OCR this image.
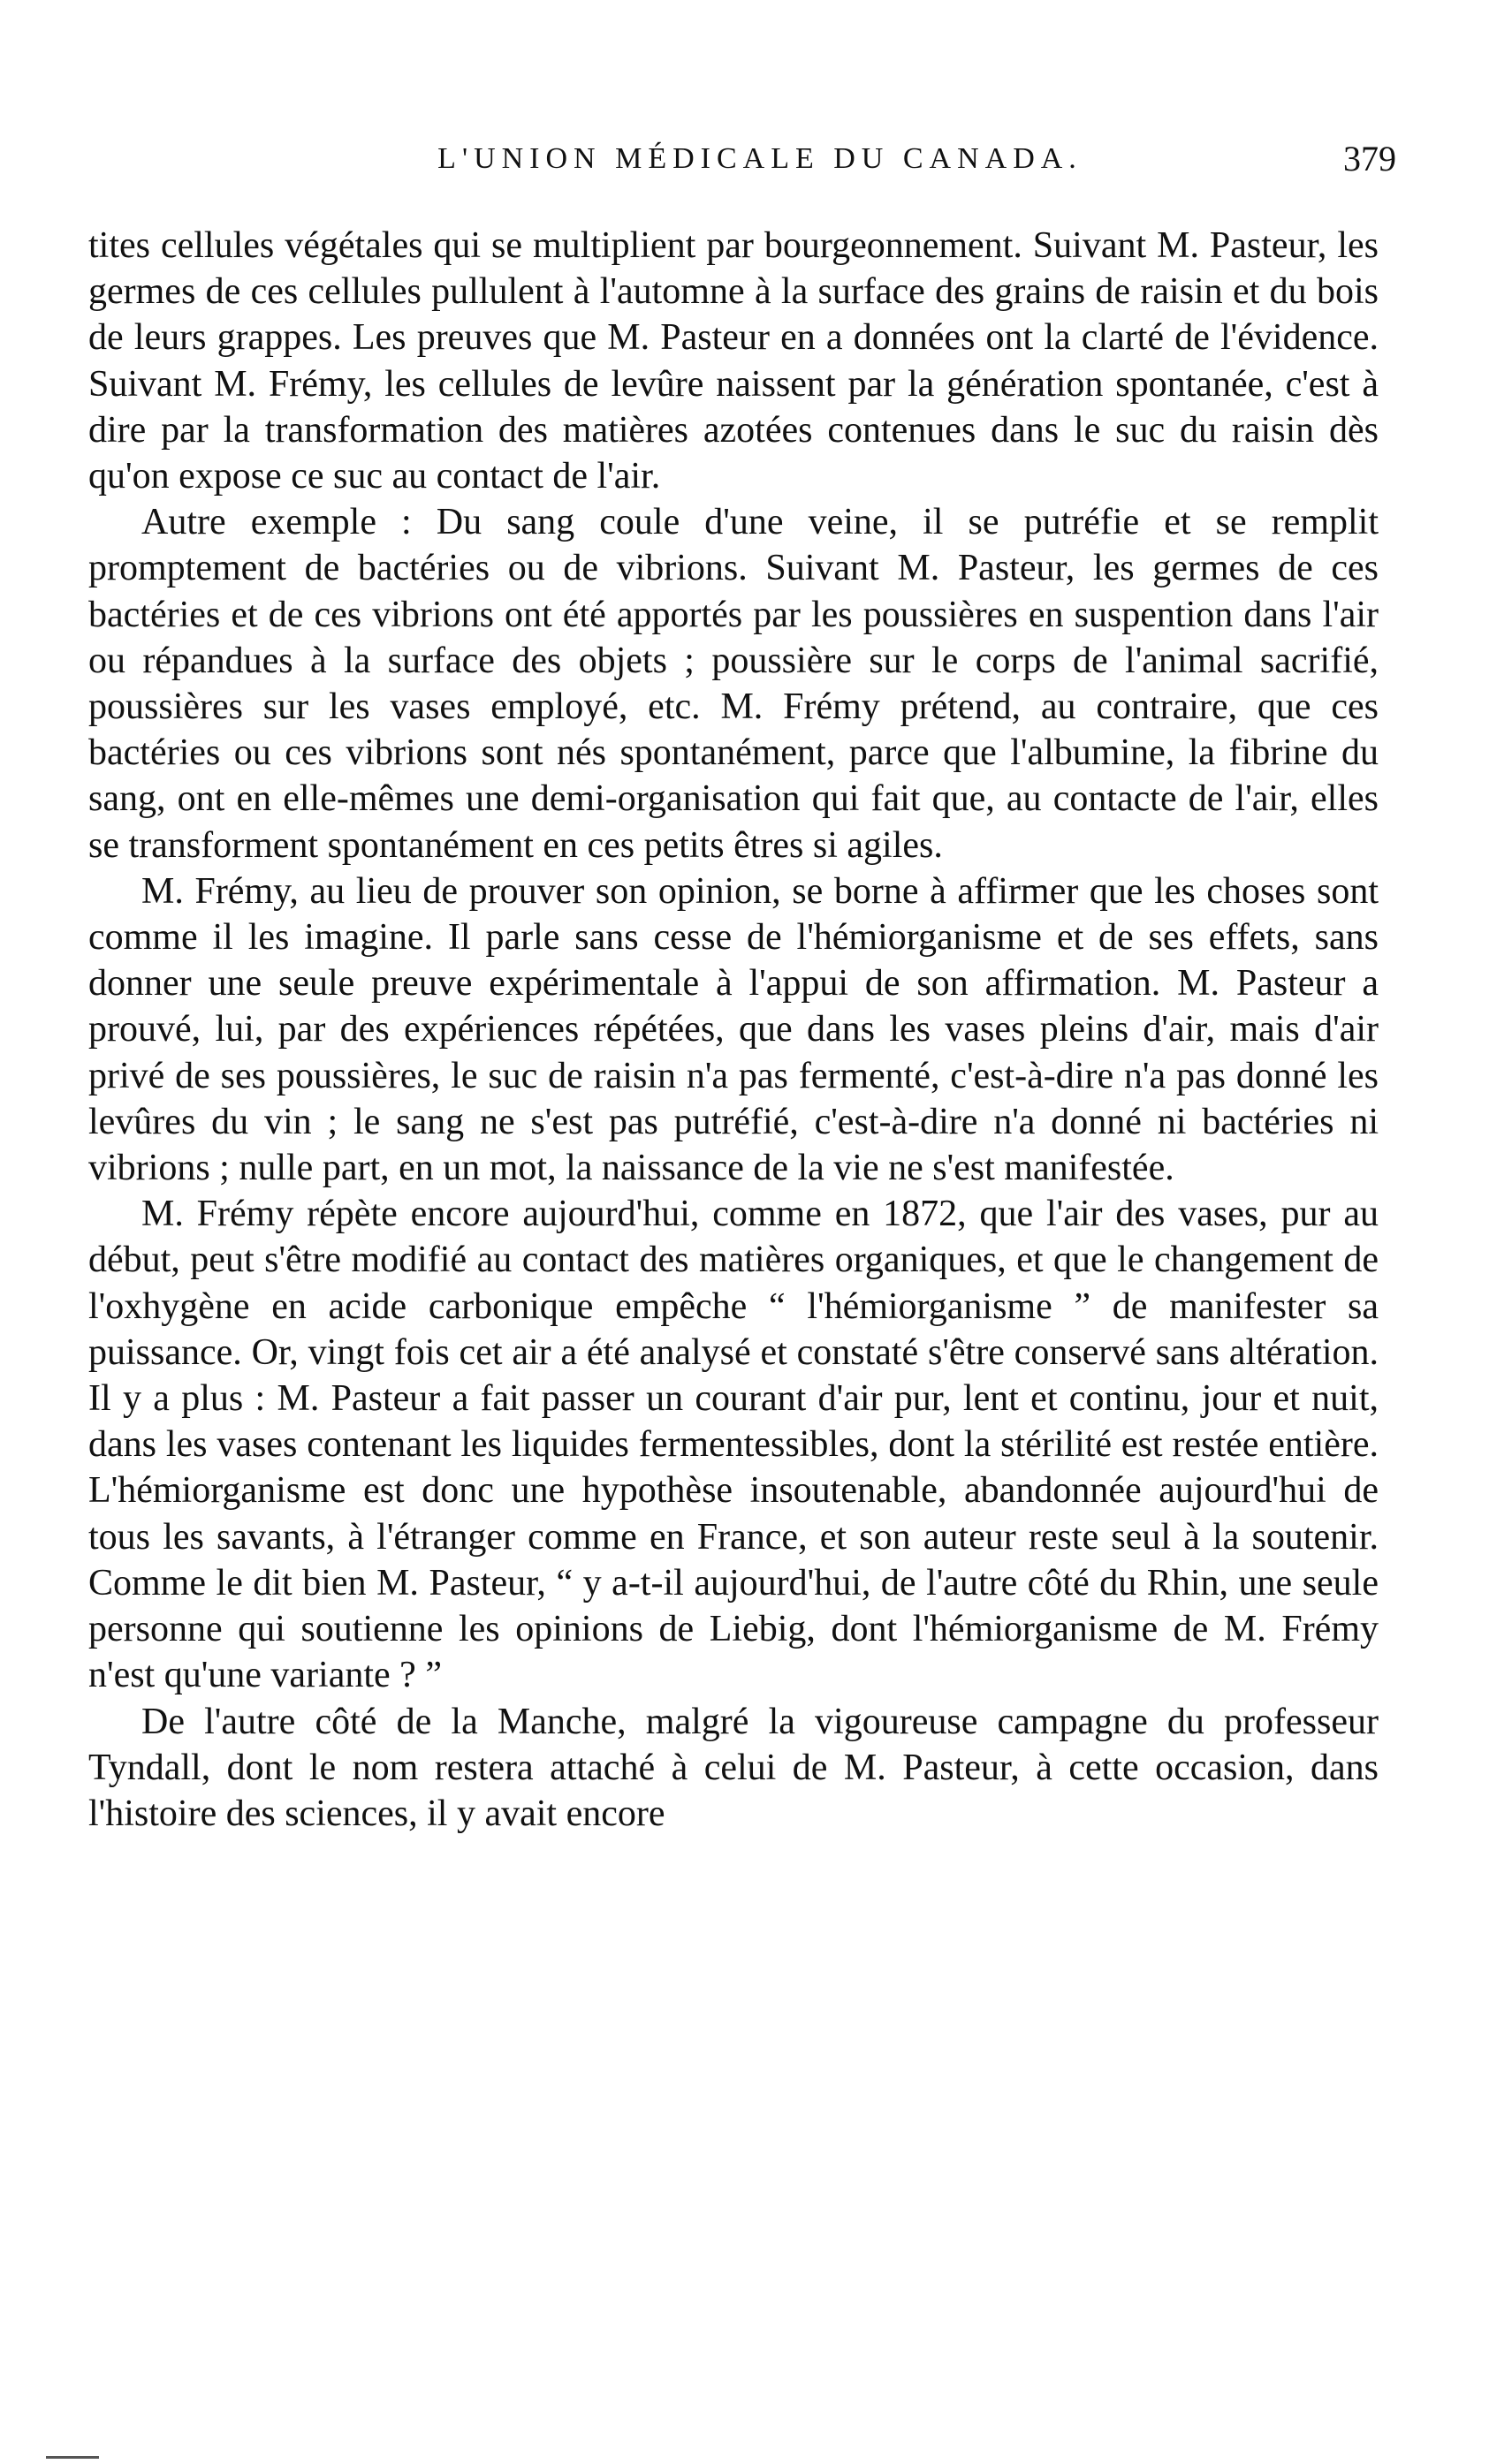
L'UNION MÉDICALE DU CANADA.	379

tites cellules végétales qui se multiplient par bourgeonnement. Suivant M. Pasteur, les germes de ces cellules pullulent à l'automne à la surface des grains de raisin et du bois de leurs grappes. Les preuves que M. Pasteur en a données ont la clarté de l'évidence. Suivant M. Frémy, les cellules de levûre naissent par la génération spontanée, c'est à dire par la transformation des matières azotées contenues dans le suc du raisin dès qu'on expose ce suc au contact de l'air.

Autre exemple : Du sang coule d'une veine, il se putréfie et se remplit promptement de bactéries ou de vibrions. Suivant M. Pasteur, les germes de ces bactéries et de ces vibrions ont été apportés par les poussières en suspention dans l'air ou répandues à la surface des objets ; poussière sur le corps de l'animal sacrifié, poussières sur les vases employé, etc. M. Frémy prétend, au contraire, que ces bactéries ou ces vibrions sont nés spontanément, parce que l'albumine, la fibrine du sang, ont en elle-mêmes une demi-organisation qui fait que, au contacte de l'air, elles se transforment spontanément en ces petits êtres si agiles.

M. Frémy, au lieu de prouver son opinion, se borne à affirmer que les choses sont comme il les imagine. Il parle sans cesse de l'hémiorganisme et de ses effets, sans donner une seule preuve expérimentale à l'appui de son affirmation. M. Pasteur a prouvé, lui, par des expériences répétées, que dans les vases pleins d'air, mais d'air privé de ses poussières, le suc de raisin n'a pas fermenté, c'est-à-dire n'a pas donné les levûres du vin ; le sang ne s'est pas putréfié, c'est-à-dire n'a donné ni bactéries ni vibrions ; nulle part, en un mot, la naissance de la vie ne s'est manifestée.

M. Frémy répète encore aujourd'hui, comme en 1872, que l'air des vases, pur au début, peut s'être modifié au contact des matières organiques, et que le changement de l'oxhygène en acide carbonique empêche “ l'hémiorganisme ” de manifester sa puissance. Or, vingt fois cet air a été analysé et constaté s'être conservé sans altération. Il y a plus : M. Pasteur a fait passer un courant d'air pur, lent et continu, jour et nuit, dans les vases contenant les liquides fermentessibles, dont la stérilité est restée entière. L'hémiorganisme est donc une hypothèse insoutenable, abandonnée aujourd'hui de tous les savants, à l'étranger comme en France, et son auteur reste seul à la soutenir. Comme le dit bien M. Pasteur, “ y a-t-il aujourd'hui, de l'autre côté du Rhin, une seule personne qui soutienne les opinions de Liebig, dont l'hémiorganisme de M. Frémy n'est qu'une variante ? ”

De l'autre côté de la Manche, malgré la vigoureuse campagne du professeur Tyndall, dont le nom restera attaché à celui de M. Pasteur, à cette occasion, dans l'histoire des sciences, il y avait encore
